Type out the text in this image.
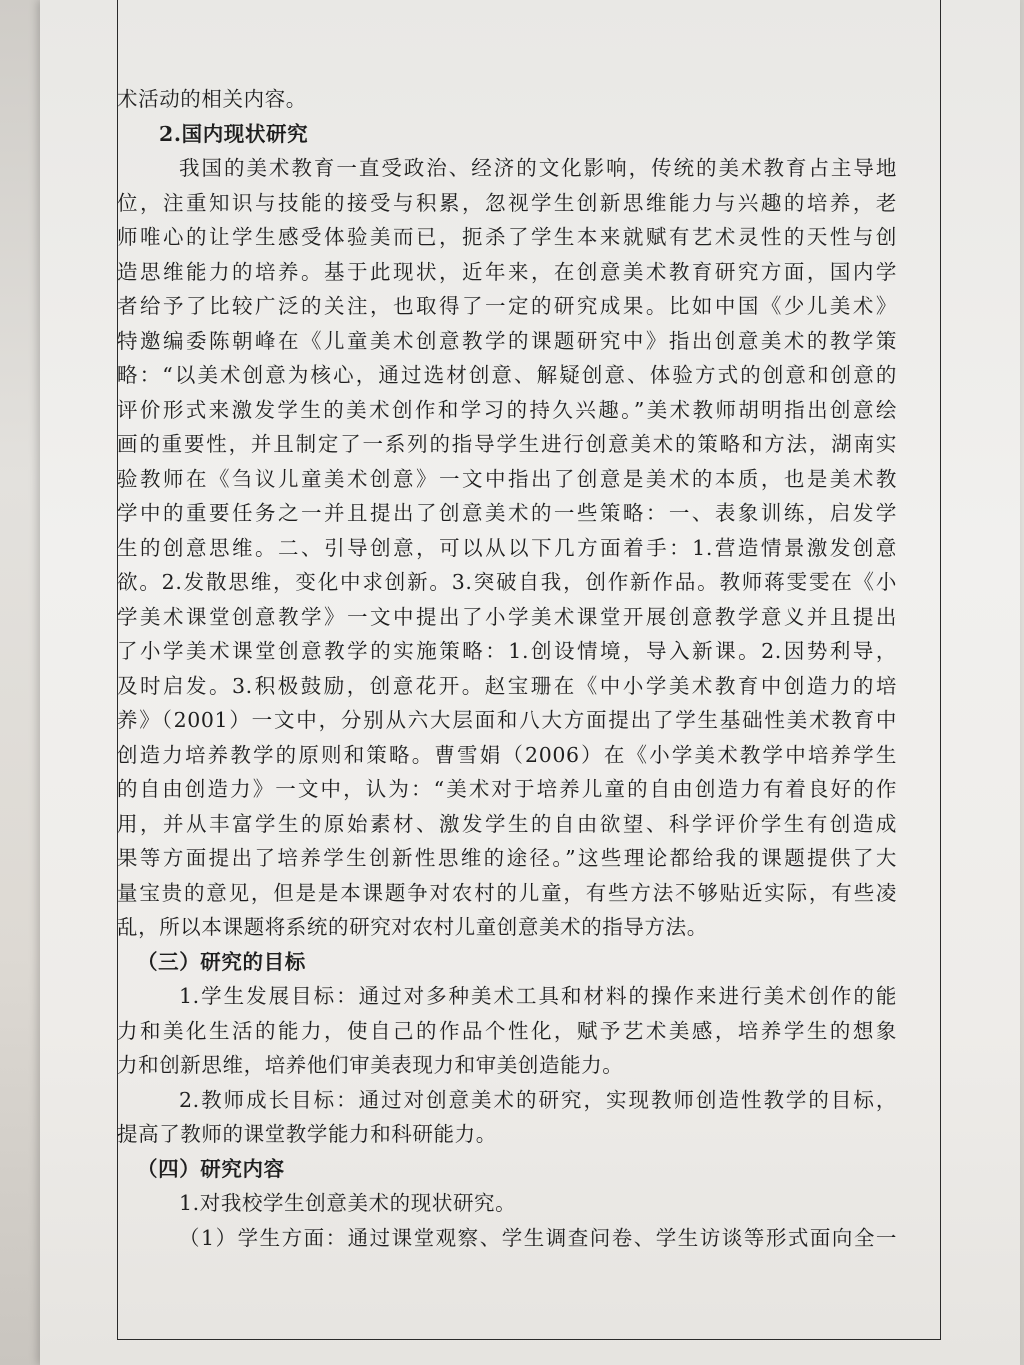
术活动的相关内容。
2.国内现状研究
我国的美术教育一直受政治、经济的文化影响，传统的美术教育占主导地
位，注重知识与技能的接受与积累，忽视学生创新思维能力与兴趣的培养，老
师唯心的让学生感受体验美而已，扼杀了学生本来就赋有艺术灵性的天性与创
造思维能力的培养。基于此现状，近年来，在创意美术教育研究方面，国内学
者给予了比较广泛的关注，也取得了一定的研究成果。比如中国《少儿美术》
特邀编委陈朝峰在《儿童美术创意教学的课题研究中》指出创意美术的教学策
略：“以美术创意为核心，通过选材创意、解疑创意、体验方式的创意和创意的
评价形式来激发学生的美术创作和学习的持久兴趣。”美术教师胡明指出创意绘
画的重要性，并且制定了一系列的指导学生进行创意美术的策略和方法，湖南实
验教师在《刍议儿童美术创意》一文中指出了创意是美术的本质，也是美术教
学中的重要任务之一并且提出了创意美术的一些策略：一、表象训练，启发学
生的创意思维。二、引导创意，可以从以下几方面着手：1.营造情景激发创意
欲。2.发散思维，变化中求创新。3.突破自我，创作新作品。教师蒋雯雯在《小
学美术课堂创意教学》一文中提出了小学美术课堂开展创意教学意义并且提出
了小学美术课堂创意教学的实施策略：1.创设情境，导入新课。2.因势利导，
及时启发。3.积极鼓励，创意花开。赵宝珊在《中小学美术教育中创造力的培
养》（2001）一文中，分别从六大层面和八大方面提出了学生基础性美术教育中
创造力培养教学的原则和策略。曹雪娟（2006）在《小学美术教学中培养学生
的自由创造力》一文中，认为：“美术对于培养儿童的自由创造力有着良好的作
用，并从丰富学生的原始素材、激发学生的自由欲望、科学评价学生有创造成
果等方面提出了培养学生创新性思维的途径。”这些理论都给我的课题提供了大
量宝贵的意见，但是是本课题争对农村的儿童，有些方法不够贴近实际，有些凌
乱，所以本课题将系统的研究对农村儿童创意美术的指导方法。
（三）研究的目标
1.学生发展目标：通过对多种美术工具和材料的操作来进行美术创作的能
力和美化生活的能力，使自己的作品个性化，赋予艺术美感，培养学生的想象
力和创新思维，培养他们审美表现力和审美创造能力。
2.教师成长目标：通过对创意美术的研究，实现教师创造性教学的目标，
提高了教师的课堂教学能力和科研能力。
（四）研究内容
1.对我校学生创意美术的现状研究。
（1）学生方面：通过课堂观察、学生调查问卷、学生访谈等形式面向全一
